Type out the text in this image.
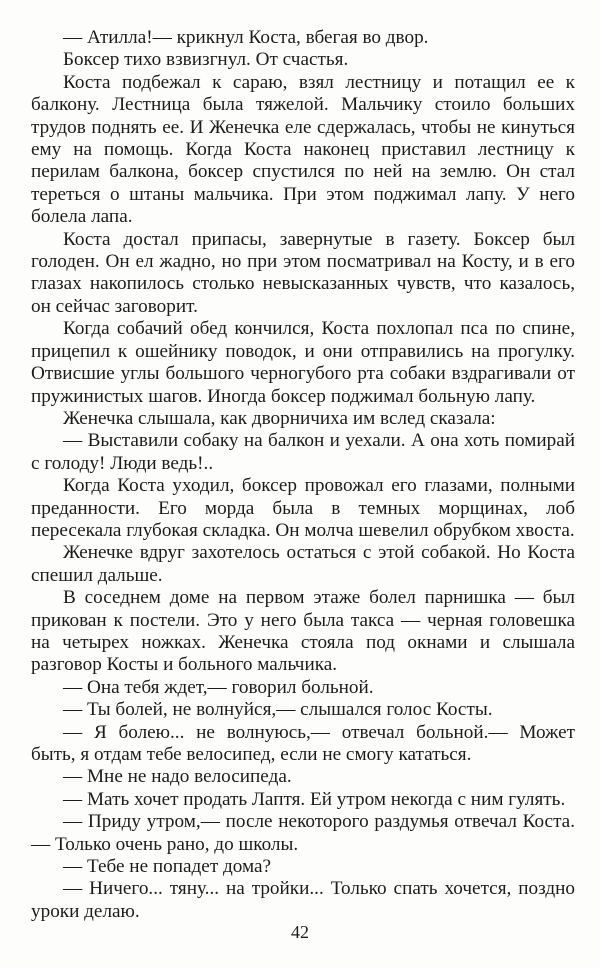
— Атилла!— крикнул Коста, вбегая во двор.

Боксер тихо взвизгнул. От счастья.

Коста подбежал к сараю, взял лестницу и потащил ее к балкону. Лестница была тяжелой. Мальчику стоило больших трудов поднять ее. И Женечка еле сдержалась, чтобы не кинуться ему на помощь. Когда Коста наконец приставил лестницу к перилам балкона, боксер спустился по ней на землю. Он стал тереться о штаны мальчика. При этом поджимал лапу. У него болела лапа.

Коста достал припасы, завернутые в газету. Боксер был голоден. Он ел жадно, но при этом посматривал на Косту, и в его глазах накопилось столько невысказанных чувств, что казалось, он сейчас заговорит.

Когда собачий обед кончился, Коста похлопал пса по спине, прицепил к ошейнику поводок, и они отправились на прогулку. Отвисшие углы большого черногубого рта собаки вздрагивали от пружинистых шагов. Иногда боксер поджимал больную лапу.

Женечка слышала, как дворничиха им вслед сказала:

— Выставили собаку на балкон и уехали. А она хоть помирай с голоду! Люди ведь!..

Когда Коста уходил, боксер провожал его глазами, полными преданности. Его морда была в темных морщинах, лоб пересекала глубокая складка. Он молча шевелил обрубком хвоста.

Женечке вдруг захотелось остаться с этой собакой. Но Коста спешил дальше.

В соседнем доме на первом этаже болел парнишка — был прикован к постели. Это у него была такса — черная головешка на четырех ножках. Женечка стояла под окнами и слышала разговор Косты и больного мальчика.

— Она тебя ждет,— говорил больной.

— Ты болей, не волнуйся,— слышался голос Косты.

— Я болею... не волнуюсь,— отвечал больной.— Может быть, я отдам тебе велосипед, если не смогу кататься.

— Мне не надо велосипеда.

— Мать хочет продать Лаптя. Ей утром некогда с ним гулять.

— Приду утром,— после некоторого раздумья отвечал Коста.— Только очень рано, до школы.

— Тебе не попадет дома?

— Ничего... тяну... на тройки... Только спать хочется, поздно уроки делаю.

42
